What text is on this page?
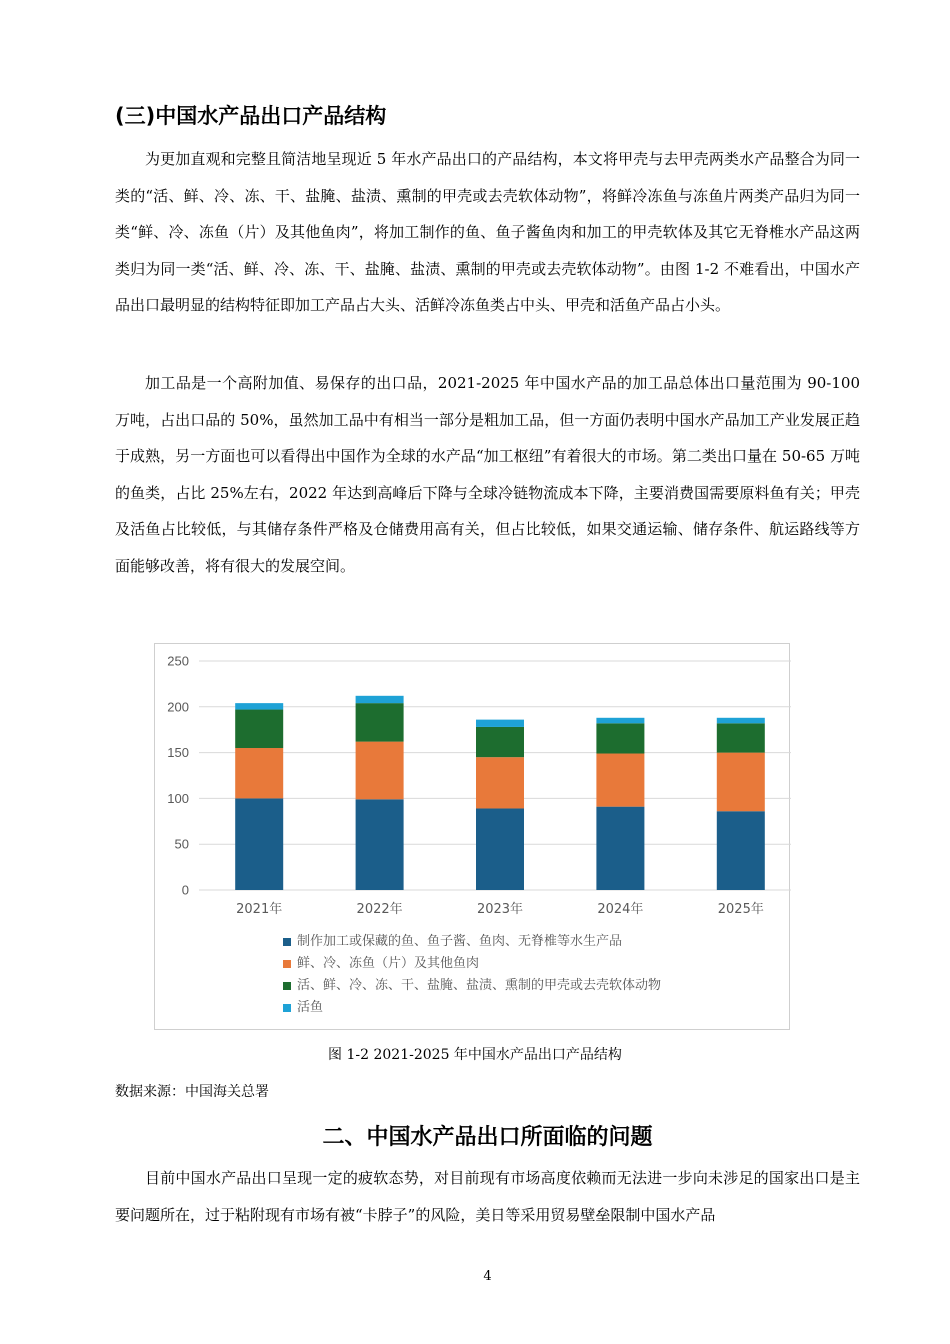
(三)中国水产品出口产品结构

为更加直观和完整且简洁地呈现近 5 年水产品出口的产品结构，本文将甲壳与去甲壳两类水产品整合为同一类的“活、鲜、冷、冻、干、盐腌、盐渍、熏制的甲壳或去壳软体动物”，将鲜冷冻鱼与冻鱼片两类产品归为同一类“鲜、冷、冻鱼（片）及其他鱼肉”，将加工制作的鱼、鱼子酱鱼肉和加工的甲壳软体及其它无脊椎水产品这两类归为同一类“活、鲜、冷、冻、干、盐腌、盐渍、熏制的甲壳或去壳软体动物”。由图 1-2 不难看出，中国水产品出口最明显的结构特征即加工产品占大头、活鲜冷冻鱼类占中头、甲壳和活鱼产品占小头。

加工品是一个高附加值、易保存的出口品，2021-2025 年中国水产品的加工品总体出口量范围为 90-100 万吨，占出口品的 50%，虽然加工品中有相当一部分是粗加工品，但一方面仍表明中国水产品加工产业发展正趋于成熟，另一方面也可以看得出中国作为全球的水产品“加工枢纽”有着很大的市场。第二类出口量在 50-65 万吨的鱼类，占比 25%左右，2022 年达到高峰后下降与全球冷链物流成本下降，主要消费国需要原料鱼有关；甲壳及活鱼占比较低，与其储存条件严格及仓储费用高有关，但占比较低，如果交通运输、储存条件、航运路线等方面能够改善，将有很大的发展空间。

0
50
100
150
200
250
2021年	2022年	2023年	2024年	2025年
制作加工或保藏的鱼、鱼子酱、鱼肉、无脊椎等水生产品
鲜、冷、冻鱼（片）及其他鱼肉
活、鲜、冷、冻、干、盐腌、盐渍、熏制的甲壳或去壳软体动物
活鱼
图 1-2 2021-2025 年中国水产品出口产品结构
数据来源：中国海关总署
二、中国水产品出口所面临的问题

目前中国水产品出口呈现一定的疲软态势，对目前现有市场高度依赖而无法进一步向未涉足的国家出口是主要问题所在，过于粘附现有市场有被“卡脖子”的风险，美日等采用贸易壁垒限制中国水产品

4
